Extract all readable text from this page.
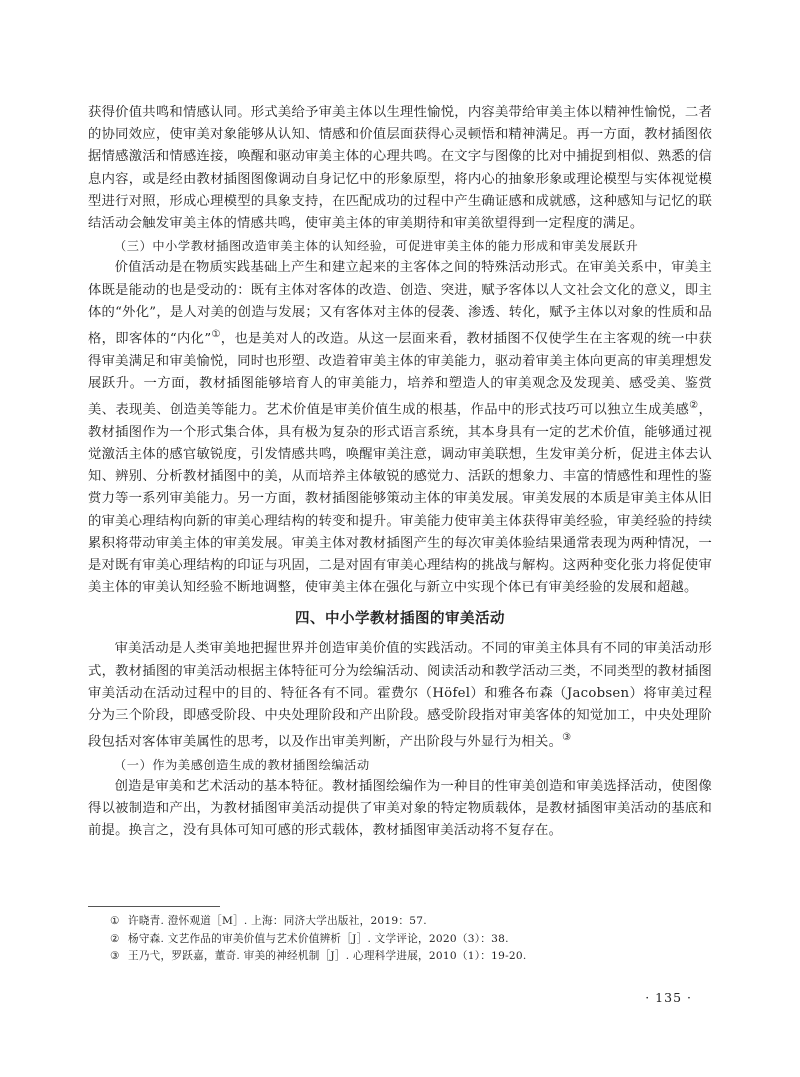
获得价值共鸣和情感认同。形式美给予审美主体以生理性愉悦，内容美带给审美主体以精神性愉悦，二者的协同效应，使审美对象能够从认知、情感和价值层面获得心灵顿悟和精神满足。再一方面，教材插图依据情感激活和情感连接，唤醒和驱动审美主体的心理共鸣。在文字与图像的比对中捕捉到相似、熟悉的信息内容，或是经由教材插图图像调动自身记忆中的形象原型，将内心的抽象形象或理论模型与实体视觉模型进行对照，形成心理模型的具象支持，在匹配成功的过程中产生确证感和成就感，这种感知与记忆的联结活动会触发审美主体的情感共鸣，使审美主体的审美期待和审美欲望得到一定程度的满足。

（三）中小学教材插图改造审美主体的认知经验，可促进审美主体的能力形成和审美发展跃升

价值活动是在物质实践基础上产生和建立起来的主客体之间的特殊活动形式。在审美关系中，审美主体既是能动的也是受动的：既有主体对客体的改造、创造、突进，赋予客体以人文社会文化的意义，即主体的“外化”，是人对美的创造与发展；又有客体对主体的侵袭、渗透、转化，赋予主体以对象的性质和品格，即客体的“内化”①，也是美对人的改造。从这一层面来看，教材插图不仅使学生在主客观的统一中获得审美满足和审美愉悦，同时也形塑、改造着审美主体的审美能力，驱动着审美主体向更高的审美理想发展跃升。一方面，教材插图能够培育人的审美能力，培养和塑造人的审美观念及发现美、感受美、鉴赏美、表现美、创造美等能力。艺术价值是审美价值生成的根基，作品中的形式技巧可以独立生成美感②，教材插图作为一个形式集合体，具有极为复杂的形式语言系统，其本身具有一定的艺术价值，能够通过视觉激活主体的感官敏锐度，引发情感共鸣，唤醒审美注意，调动审美联想，生发审美分析，促进主体去认知、辨别、分析教材插图中的美，从而培养主体敏锐的感觉力、活跃的想象力、丰富的情感性和理性的鉴赏力等一系列审美能力。另一方面，教材插图能够策动主体的审美发展。审美发展的本质是审美主体从旧的审美心理结构向新的审美心理结构的转变和提升。审美能力使审美主体获得审美经验，审美经验的持续累积将带动审美主体的审美发展。审美主体对教材插图产生的每次审美体验结果通常表现为两种情况，一是对既有审美心理结构的印证与巩固，二是对固有审美心理结构的挑战与解构。这两种变化张力将促使审美主体的审美认知经验不断地调整，使审美主体在强化与新立中实现个体已有审美经验的发展和超越。

四、中小学教材插图的审美活动

审美活动是人类审美地把握世界并创造审美价值的实践活动。不同的审美主体具有不同的审美活动形式，教材插图的审美活动根据主体特征可分为绘编活动、阅读活动和教学活动三类，不同类型的教材插图审美活动在活动过程中的目的、特征各有不同。霍费尔（Höfel）和雅各布森（Jacobsen）将审美过程分为三个阶段，即感受阶段、中央处理阶段和产出阶段。感受阶段指对审美客体的知觉加工，中央处理阶段包括对客体审美属性的思考，以及作出审美判断，产出阶段与外显行为相关。③

（一）作为美感创造生成的教材插图绘编活动

创造是审美和艺术活动的基本特征。教材插图绘编作为一种目的性审美创造和审美选择活动，使图像得以被制造和产出，为教材插图审美活动提供了审美对象的特定物质载体，是教材插图审美活动的基底和前提。换言之，没有具体可知可感的形式载体，教材插图审美活动将不复存在。

① 许晓青. 澄怀观道［M］. 上海：同济大学出版社，2019：57.

② 杨守森. 文艺作品的审美价值与艺术价值辨析［J］. 文学评论，2020（3）：38.

③ 王乃弋，罗跃嘉，董奇. 审美的神经机制［J］. 心理科学进展，2010（1）：19-20.

· 135 ·
